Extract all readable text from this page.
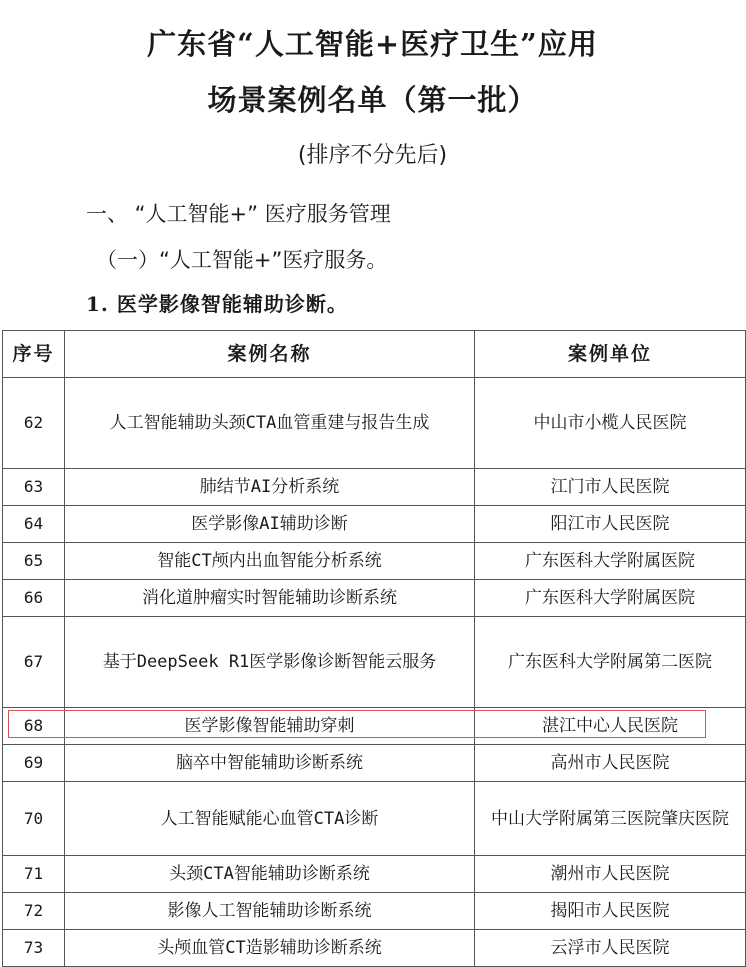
广东省“人工智能+医疗卫生”应用
场景案例名单（第一批）
(排序不分先后)
一、 “人工智能+” 医疗服务管理
（一）“人工智能+”医疗服务。
1. 医学影像智能辅助诊断。
序号	案例名称	案例单位
62	人工智能辅助头颈CTA血管重建与报告生成	中山市小榄人民医院
63	肺结节AI分析系统	江门市人民医院
64	医学影像AI辅助诊断	阳江市人民医院
65	智能CT颅内出血智能分析系统	广东医科大学附属医院
66	消化道肿瘤实时智能辅助诊断系统	广东医科大学附属医院
67	基于DeepSeek R1医学影像诊断智能云服务	广东医科大学附属第二医院
68	医学影像智能辅助穿刺	湛江中心人民医院
69	脑卒中智能辅助诊断系统	高州市人民医院
70	人工智能赋能心血管CTA诊断	中山大学附属第三医院肇庆医院
71	头颈CTA智能辅助诊断系统	潮州市人民医院
72	影像人工智能辅助诊断系统	揭阳市人民医院
73	头颅血管CT造影辅助诊断系统	云浮市人民医院
